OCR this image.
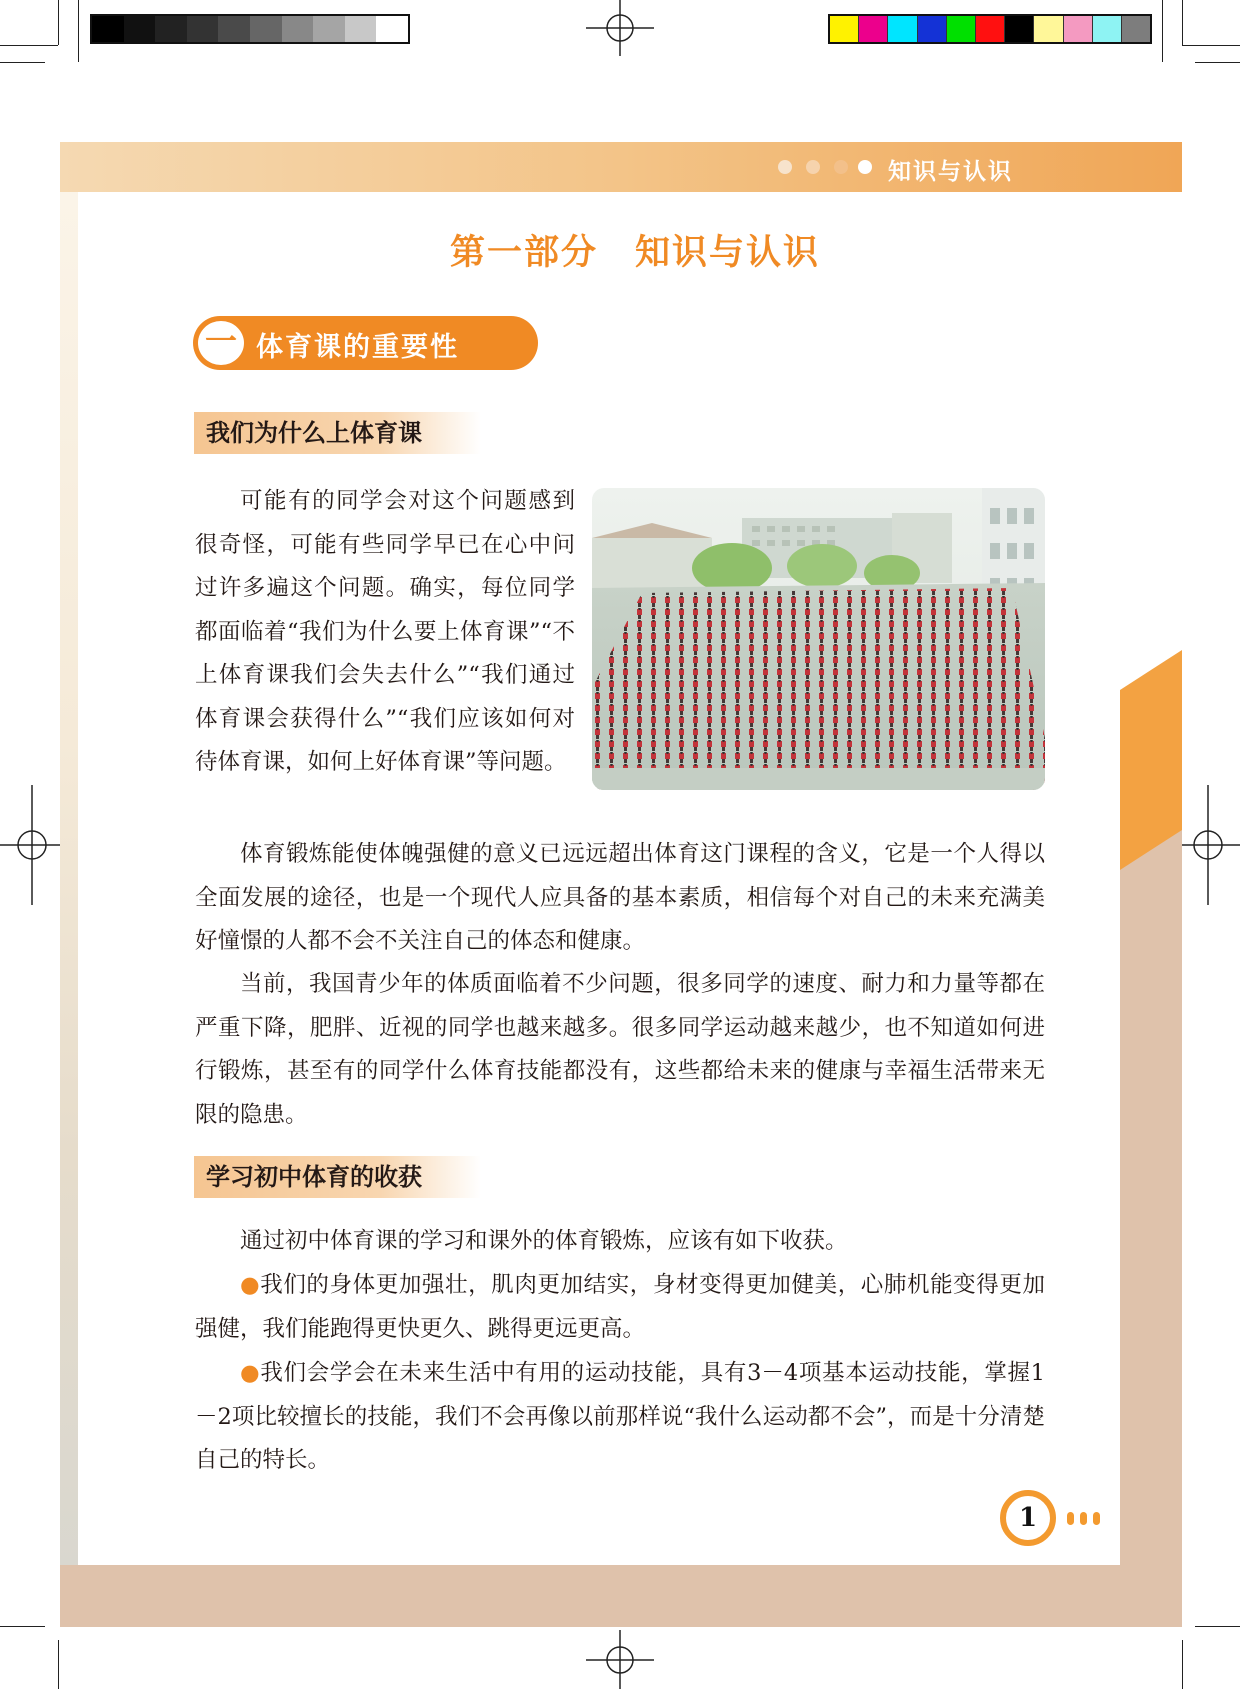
知识与认识
第一部分　知识与认识
一 体育课的重要性
我们为什么上体育课

可能有的同学会对这个问题感到很奇怪，可能有些同学早已在心中问过许多遍这个问题。确实，每位同学都面临着“我们为什么要上体育课”“不上体育课我们会失去什么”“我们通过体育课会获得什么”“我们应该如何对待体育课，如何上好体育课”等问题。

体育锻炼能使体魄强健的意义已远远超出体育这门课程的含义，它是一个人得以全面发展的途径，也是一个现代人应具备的基本素质，相信每个对自己的未来充满美好憧憬的人都不会不关注自己的体态和健康。

当前，我国青少年的体质面临着不少问题，很多同学的速度、耐力和力量等都在严重下降，肥胖、近视的同学也越来越多。很多同学运动越来越少，也不知道如何进行锻炼，甚至有的同学什么体育技能都没有，这些都给未来的健康与幸福生活带来无限的隐患。

学习初中体育的收获

通过初中体育课的学习和课外的体育锻炼，应该有如下收获。

●我们的身体更加强壮，肌肉更加结实，身材变得更加健美，心肺机能变得更加强健，我们能跑得更快更久、跳得更远更高。

●我们会学会在未来生活中有用的运动技能，具有3－4项基本运动技能，掌握1－2项比较擅长的技能，我们不会再像以前那样说“我什么运动都不会”，而是十分清楚自己的特长。

1
